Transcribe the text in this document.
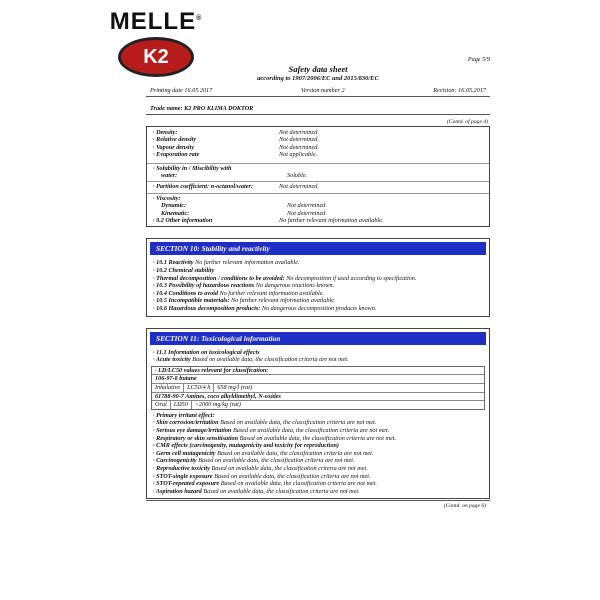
MELLE®
K2	Page 5/9
Safety data sheet
according to 1907/2006/EC and 2015/830/EC
Printing date 16.05.2017	Version number 2	Revision: 16.05.2017
Trade name: K2 PRO KLIMA DOKTOR
(Contd. of page 4)
· Density:	Not determined.
· Relative density	Not determined.
· Vapour density	Not determined.
· Evaporation rate	Not applicable.
· Solubility in / Miscibility with
water:	Soluble.
· Partition coefficient: n-octanol/water:	Not determined.
· Viscosity:
Dynamic:	Not determined.
Kinematic:	Not determined.
· 9.2 Other information	No further relevant information available.
SECTION 10: Stability and reactivity
· 10.1 Reactivity No further relevant information available.
· 10.2 Chemical stability
· Thermal decomposition / conditions to be avoided: No decomposition if used according to specification.
· 10.3 Possibility of hazardous reactions No dangerous reactions known.
· 10.4 Conditions to avoid No further relevant information available.
· 10.5 Incompatible materials: No further relevant information available.
· 10.6 Hazardous decomposition products: No dangerous decomposition products known.
SECTION 11: Toxicological information
· 11.1 Information on toxicological effects
· Acute toxicity Based on available data, the classification criteria are not met.
· LD/LC50 values relevant for classification:
106-97-8 butane
Inhalative	LC50/4 h	658 mg/l (rat)
61788-90-7 Amines, coco alkyldimethyl, N-oxides
Oral	LD50	>2000 mg/kg (rat)
· Primary irritant effect:
· Skin corrosion/irritation Based on available data, the classification criteria are not met.
· Serious eye damage/irritation Based on available data, the classification criteria are not met.
· Respiratory or skin sensitisation Based on available data, the classification criteria are not met.
· CMR effects (carcinogenity, mutagenicity and toxicity for reproduction)
· Germ cell mutagenicity Based on available data, the classification criteria are not met.
· Carcinogenicity Based on available data, the classification criteria are not met.
· Reproductive toxicity Based on available data, the classification criteria are not met.
· STOT-single exposure Based on available data, the classification criteria are not met.
· STOT-repeated exposure Based on available data, the classification criteria are not met.
· Aspiration hazard Based on available data, the classification criteria are not met.
(Contd. on page 6)
